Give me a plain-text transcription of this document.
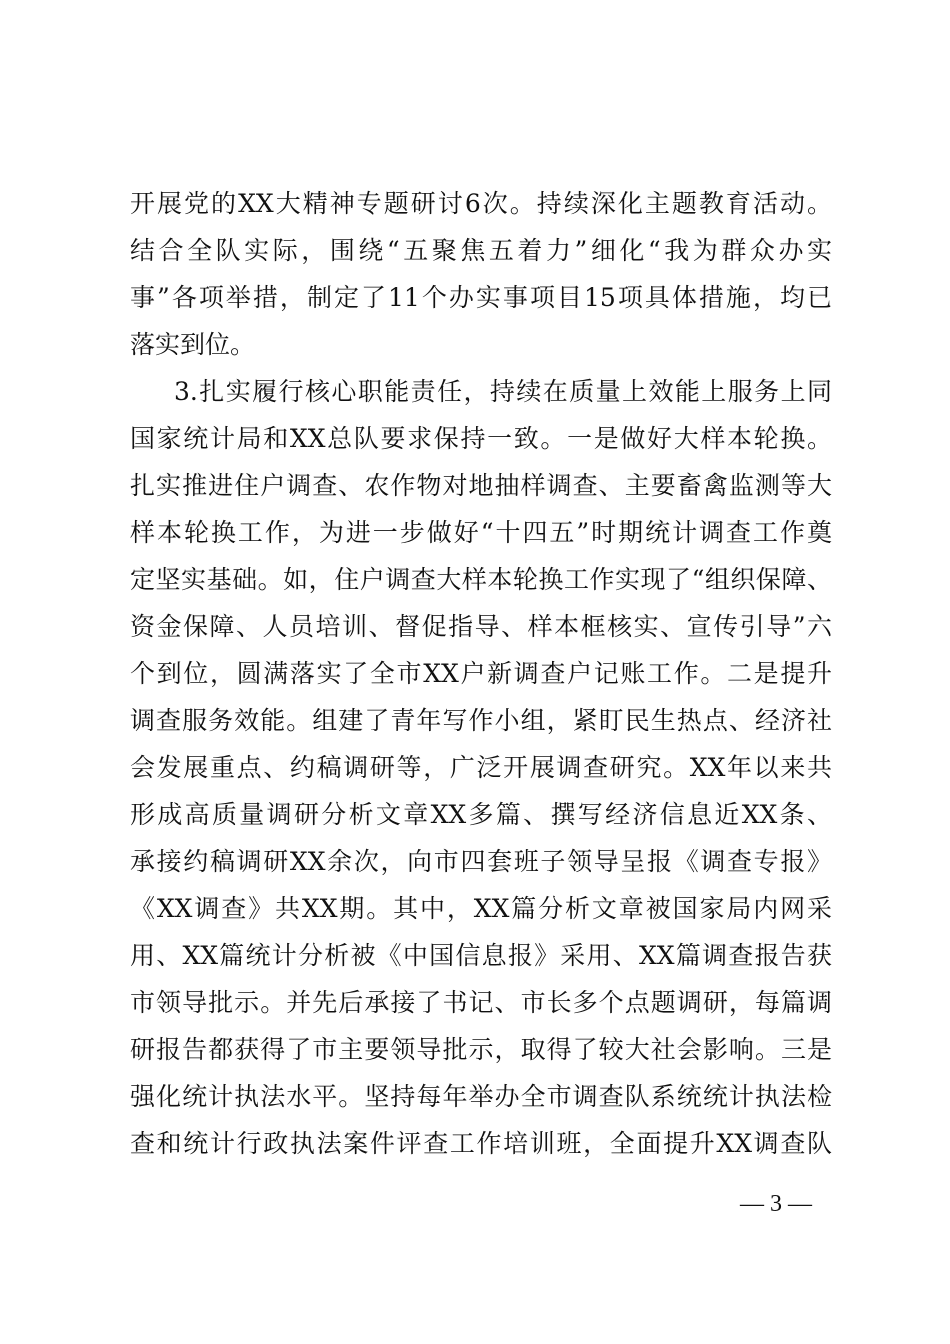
开展党的XX大精神专题研讨6次。持续深化主题教育活动。
结合全队实际，围绕“五聚焦五着力”细化“我为群众办实
事”各项举措，制定了11个办实事项目15项具体措施，均已
落实到位。
3.扎实履行核心职能责任，持续在质量上效能上服务上同
国家统计局和XX总队要求保持一致。一是做好大样本轮换。
扎实推进住户调查、农作物对地抽样调查、主要畜禽监测等大
样本轮换工作，为进一步做好“十四五”时期统计调查工作奠
定坚实基础。如，住户调查大样本轮换工作实现了“组织保障、
资金保障、人员培训、督促指导、样本框核实、宣传引导”六
个到位，圆满落实了全市XX户新调查户记账工作。二是提升
调查服务效能。组建了青年写作小组，紧盯民生热点、经济社
会发展重点、约稿调研等，广泛开展调查研究。XX年以来共
形成高质量调研分析文章XX多篇、撰写经济信息近XX条、
承接约稿调研XX余次，向市四套班子领导呈报《调查专报》
《XX调查》共XX期。其中，XX篇分析文章被国家局内网采
用、XX篇统计分析被《中国信息报》采用、XX篇调查报告获
市领导批示。并先后承接了书记、市长多个点题调研，每篇调
研报告都获得了市主要领导批示，取得了较大社会影响。三是
强化统计执法水平。坚持每年举办全市调查队系统统计执法检
查和统计行政执法案件评查工作培训班，全面提升XX调查队
— 3 —
